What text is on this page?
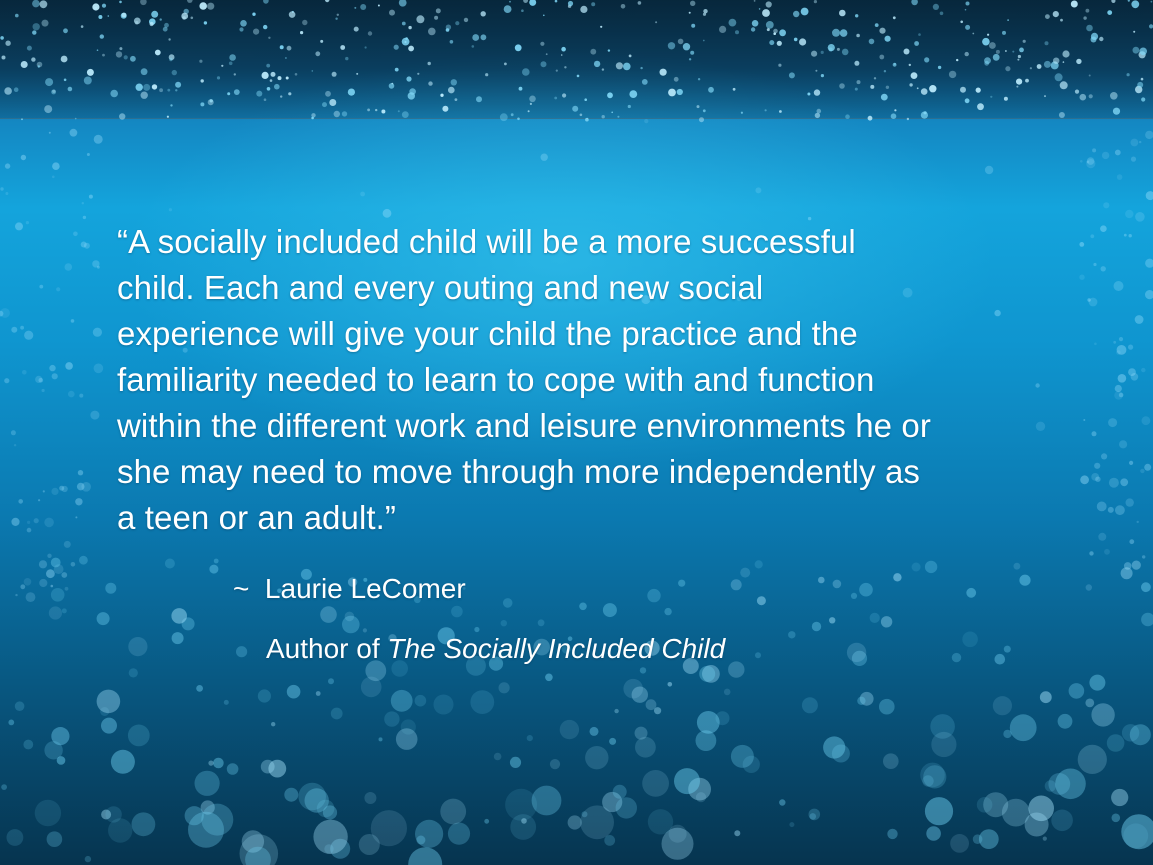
“A socially included child will be a more successful
child. Each and every outing and new social
experience will give your child the practice and the
familiarity needed to learn to cope with and function
within the different work and leisure environments he or
she may need to move through more independently as
a teen or an adult.”

~ Laurie LeComer

Author of The Socially Included Child
